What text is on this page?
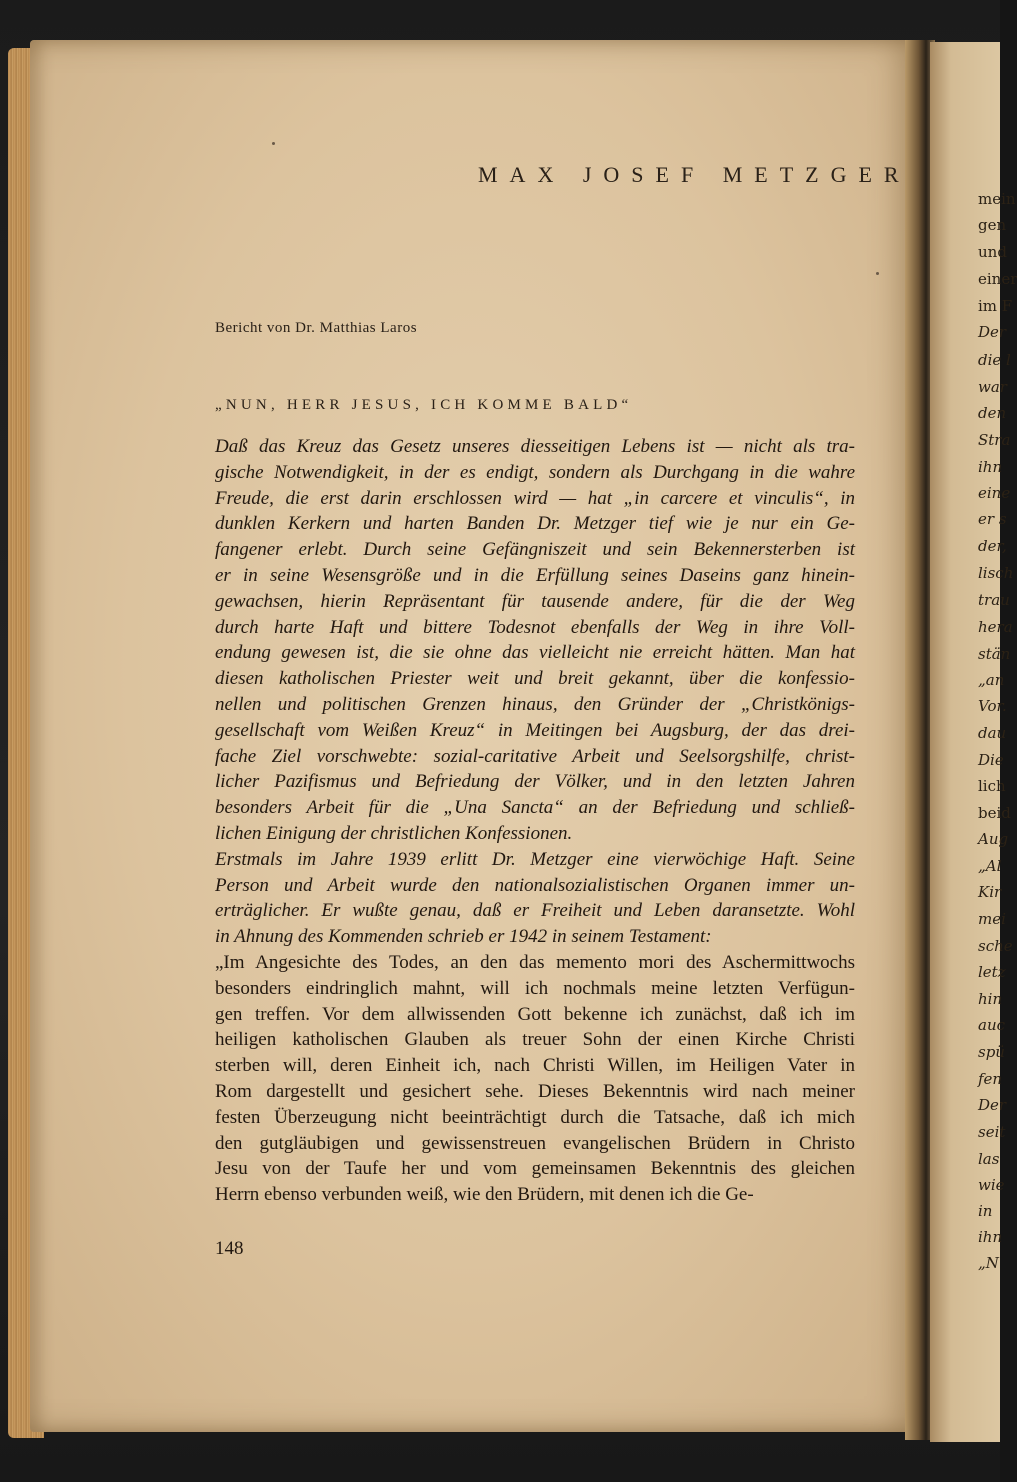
mein
gen
und
einer
im F
Der
die l
war
den
Stra
ihn
eine
er s
der,
lisch
trau
hera
stän
„an
Vor.
dau
Die
lich
beid
Aug
„Al
Kir
mei
sche
letz
hin
auc
spü
fen
Der
seit
las
wie
in
ihn
„N
MAX JOSEF METZGER
Bericht von Dr. Matthias Laros
„NUN, HERR JESUS, ICH KOMME BALD“
Daß das Kreuz das Gesetz unseres diesseitigen Lebens ist — nicht als tra-
gische Notwendigkeit, in der es endigt, sondern als Durchgang in die wahre
Freude, die erst darin erschlossen wird — hat „in carcere et vinculis“, in
dunklen Kerkern und harten Banden Dr. Metzger tief wie je nur ein Ge-
fangener erlebt. Durch seine Gefängniszeit und sein Bekennersterben ist
er in seine Wesensgröße und in die Erfüllung seines Daseins ganz hinein-
gewachsen, hierin Repräsentant für tausende andere, für die der Weg
durch harte Haft und bittere Todesnot ebenfalls der Weg in ihre Voll-
endung gewesen ist, die sie ohne das vielleicht nie erreicht hätten. Man hat
diesen katholischen Priester weit und breit gekannt, über die konfessio-
nellen und politischen Grenzen hinaus, den Gründer der „Christkönigs-
gesellschaft vom Weißen Kreuz“ in Meitingen bei Augsburg, der das drei-
fache Ziel vorschwebte: sozial-caritative Arbeit und Seelsorgshilfe, christ-
licher Pazifismus und Befriedung der Völker, und in den letzten Jahren
besonders Arbeit für die „Una Sancta“ an der Befriedung und schließ-
lichen Einigung der christlichen Konfessionen.
Erstmals im Jahre 1939 erlitt Dr. Metzger eine vierwöchige Haft. Seine
Person und Arbeit wurde den nationalsozialistischen Organen immer un-
erträglicher. Er wußte genau, daß er Freiheit und Leben daransetzte. Wohl
in Ahnung des Kommenden schrieb er 1942 in seinem Testament:
„Im Angesichte des Todes, an den das memento mori des Aschermittwochs
besonders eindringlich mahnt, will ich nochmals meine letzten Verfügun-
gen treffen. Vor dem allwissenden Gott bekenne ich zunächst, daß ich im
heiligen katholischen Glauben als treuer Sohn der einen Kirche Christi
sterben will, deren Einheit ich, nach Christi Willen, im Heiligen Vater in
Rom dargestellt und gesichert sehe. Dieses Bekenntnis wird nach meiner
festen Überzeugung nicht beeinträchtigt durch die Tatsache, daß ich mich
den gutgläubigen und gewissenstreuen evangelischen Brüdern in Christo
Jesu von der Taufe her und vom gemeinsamen Bekenntnis des gleichen
Herrn ebenso verbunden weiß, wie den Brüdern, mit denen ich die Ge-
148
